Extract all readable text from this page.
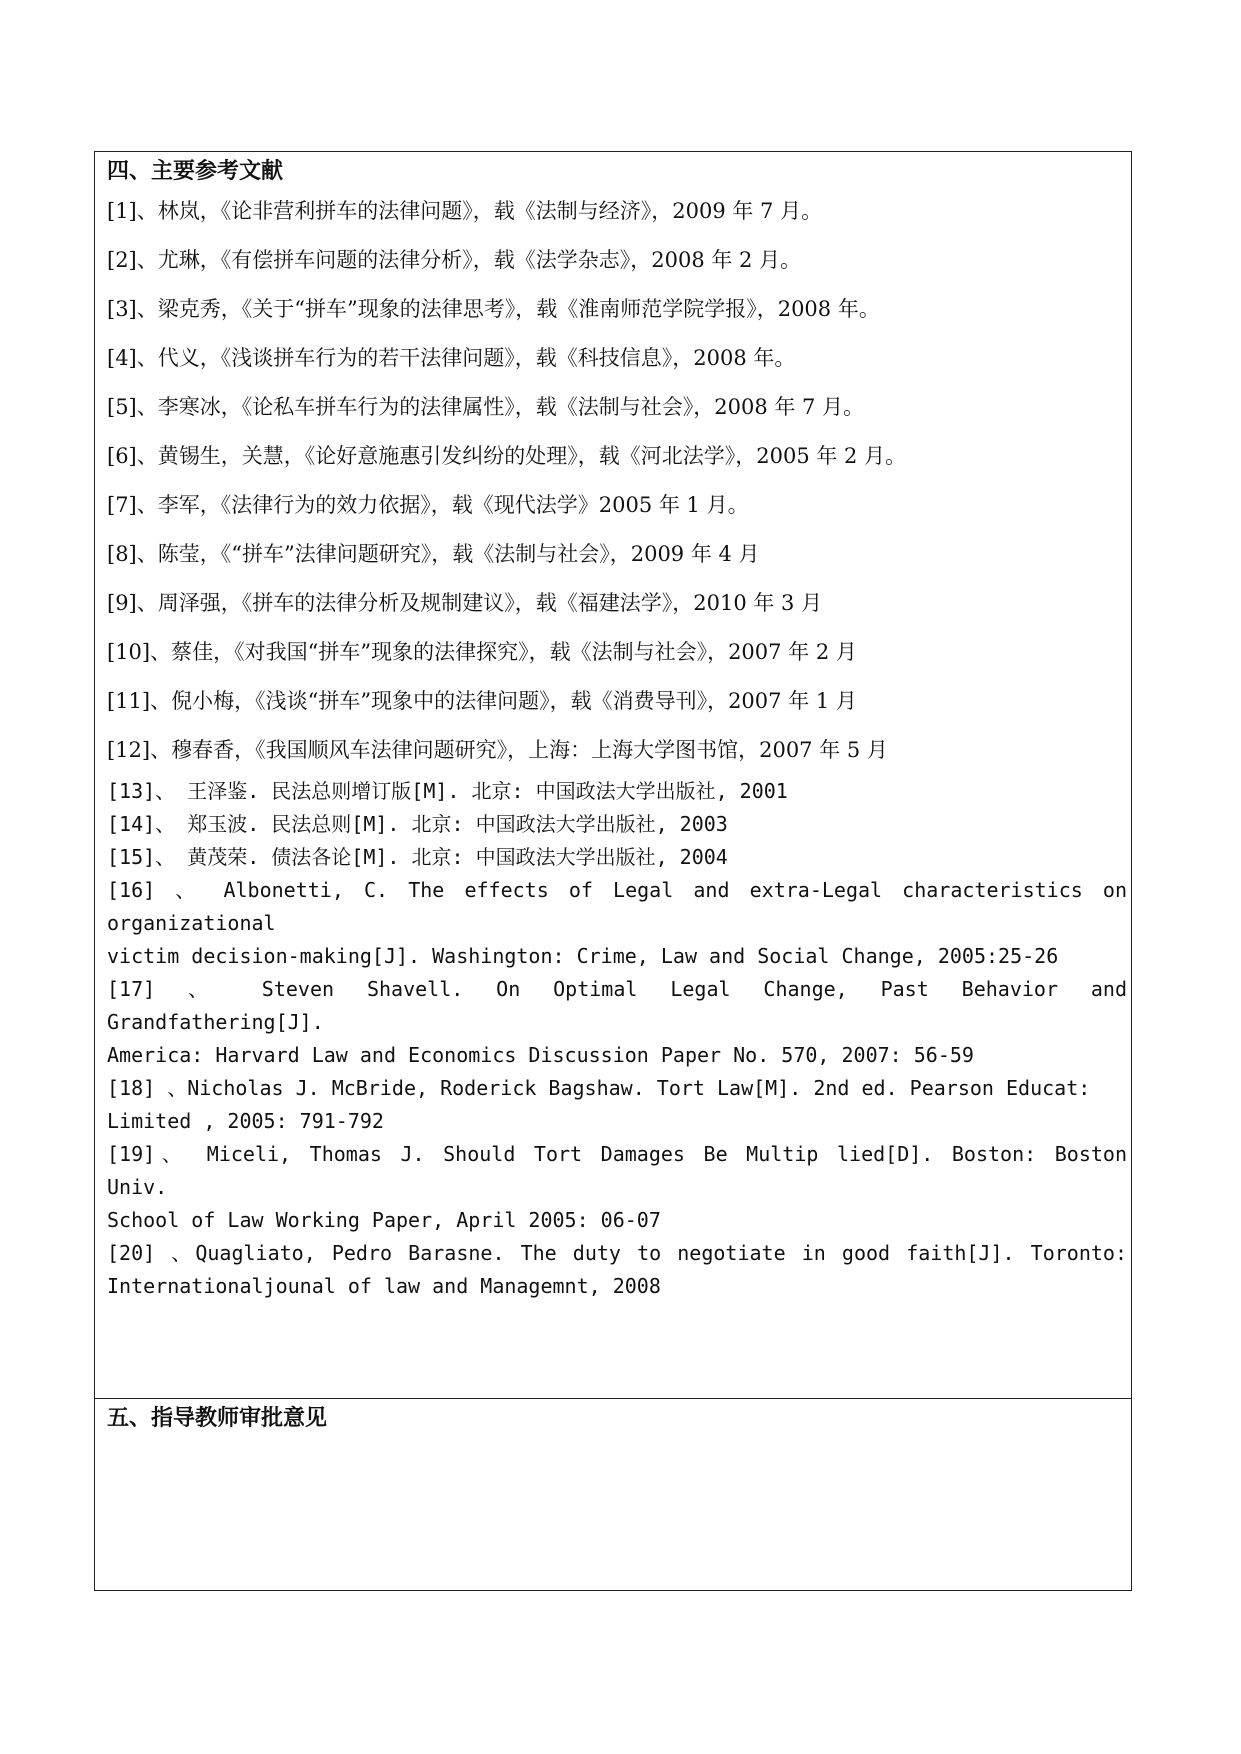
四、主要参考文献

[1]、林岚，《论非营利拼车的法律问题》，载《法制与经济》，2009 年 7 月。

[2]、尤琳，《有偿拼车问题的法律分析》，载《法学杂志》，2008 年 2 月。

[3]、梁克秀，《关于“拼车”现象的法律思考》，载《淮南师范学院学报》，2008 年。

[4]、代义，《浅谈拼车行为的若干法律问题》，载《科技信息》，2008 年。

[5]、李寒冰，《论私车拼车行为的法律属性》，载《法制与社会》，2008 年 7 月。

[6]、黄锡生，关慧，《论好意施惠引发纠纷的处理》，载《河北法学》，2005 年 2 月。

[7]、李军，《法律行为的效力依据》，载《现代法学》2005 年 1 月。

[8]、陈莹，《“拼车”法律问题研究》，载《法制与社会》，2009 年 4 月

[9]、周泽强，《拼车的法律分析及规制建议》，载《福建法学》，2010 年 3 月

[10]、蔡佳，《对我国“拼车”现象的法律探究》，载《法制与社会》，2007 年 2 月

[11]、倪小梅，《浅谈“拼车”现象中的法律问题》，载《消费导刊》，2007 年 1 月

[12]、穆春香，《我国顺风车法律问题研究》，上海：上海大学图书馆，2007 年 5 月

[13]、 王泽鉴. 民法总则增订版[M]. 北京: 中国政法大学出版社, 2001

[14]、 郑玉波. 民法总则[M]. 北京: 中国政法大学出版社, 2003

[15]、 黄茂荣. 债法各论[M]. 北京: 中国政法大学出版社, 2004

[16] 、 Albonetti, C. The effects of Legal and extra-Legal characteristics on

organizational

victim decision-making[J]. Washington: Crime, Law and Social Change, 2005:25-26

[17] 、 Steven Shavell. On Optimal Legal Change, Past Behavior and

Grandfathering[J].

America: Harvard Law and Economics Discussion Paper No. 570, 2007: 56-59

[18] 、Nicholas J. McBride, Roderick Bagshaw. Tort Law[M]. 2nd ed. Pearson Educat:

Limited , 2005: 791-792

[19]、 Miceli, Thomas J. Should Tort Damages Be Multip lied[D]. Boston: Boston

Univ.

School of Law Working Paper, April 2005: 06-07

[20] 、Quagliato, Pedro Barasne. The duty to negotiate in good faith[J]. Toronto:

Internationaljounal of law and Managemnt, 2008

五、指导教师审批意见
